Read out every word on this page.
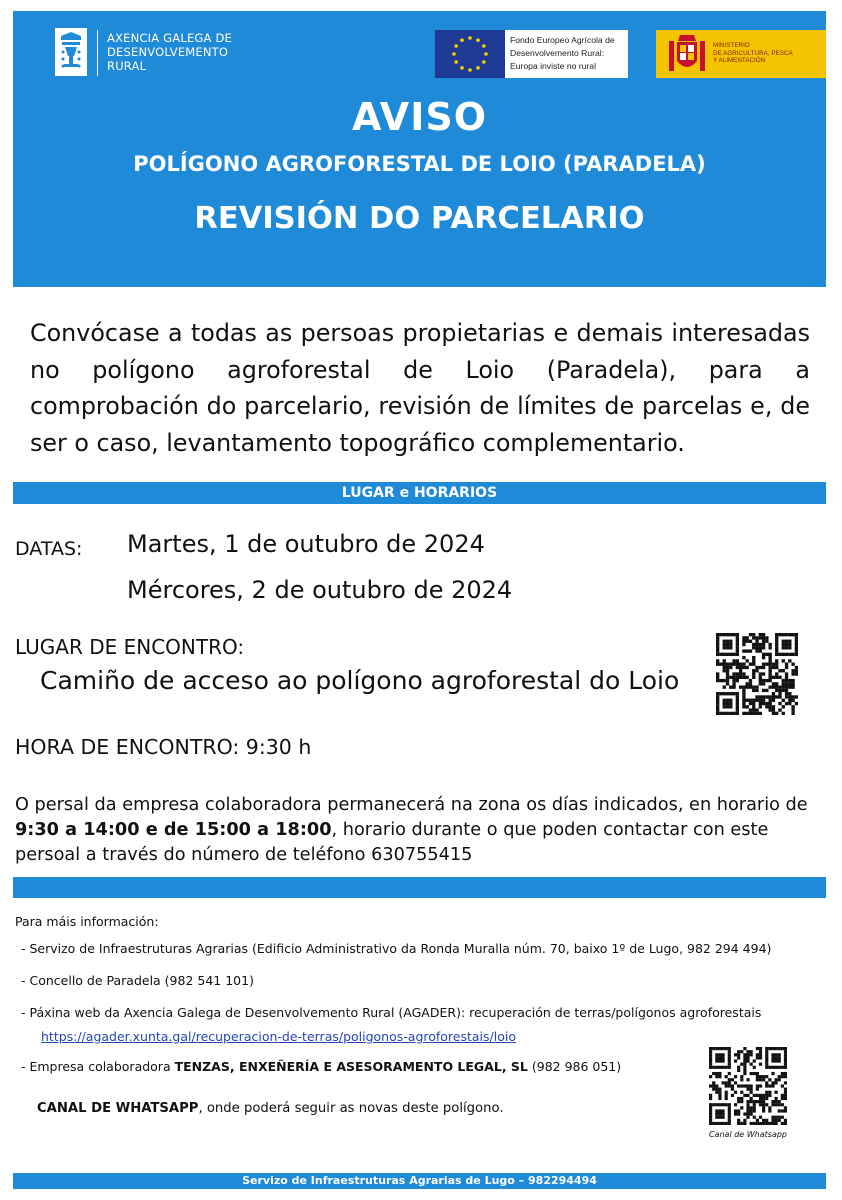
AXENCIA GALEGA DE
DESENVOLVEMENTO
RURAL
Fondo Europeo Agrícola de
Desenvolvemento Rural:
Europa inviste no rural
MINISTERIO
DE AGRICULTURA, PESCA
Y ALIMENTACIÓN
AVISO
POLÍGONO AGROFORESTAL DE LOIO (PARADELA)
REVISIÓN DO PARCELARIO
Convócase a todas as persoas propietarias e demais interesadas no polígono agroforestal de Loio (Paradela), para a comprobación do parcelario, revisión de límites de parcelas e, de ser o caso, levantamento topográfico complementario.
LUGAR e HORARIOS
DATAS: Martes, 1 de outubro de 2024
Mércores, 2 de outubro de 2024
LUGAR DE ENCONTRO:
Camiño de acceso ao polígono agroforestal do Loio
HORA DE ENCONTRO: 9:30 h
O persal da empresa colaboradora permanecerá na zona os días indicados, en horario de 9:30 a 14:00 e de 15:00 a 18:00, horario durante o que poden contactar con este persoal a través do número de teléfono 630755415
Para máis información:
- Servizo de Infraestruturas Agrarias (Edificio Administrativo da Ronda Muralla núm. 70, baixo 1º de Lugo, 982 294 494)
- Concello de Paradela (982 541 101)
- Páxina web da Axencia Galega de Desenvolvemento Rural (AGADER): recuperación de terras/polígonos agroforestais
https://agader.xunta.gal/recuperacion-de-terras/poligonos-agroforestais/loio
- Empresa colaboradora TENZAS, ENXEÑERÍA E ASESORAMENTO LEGAL, SL (982 986 051)
CANAL DE WHATSAPP, onde poderá seguir as novas deste polígono.
Canal de Whatsapp
Servizo de Infraestruturas Agrarias de Lugo – 982294494
